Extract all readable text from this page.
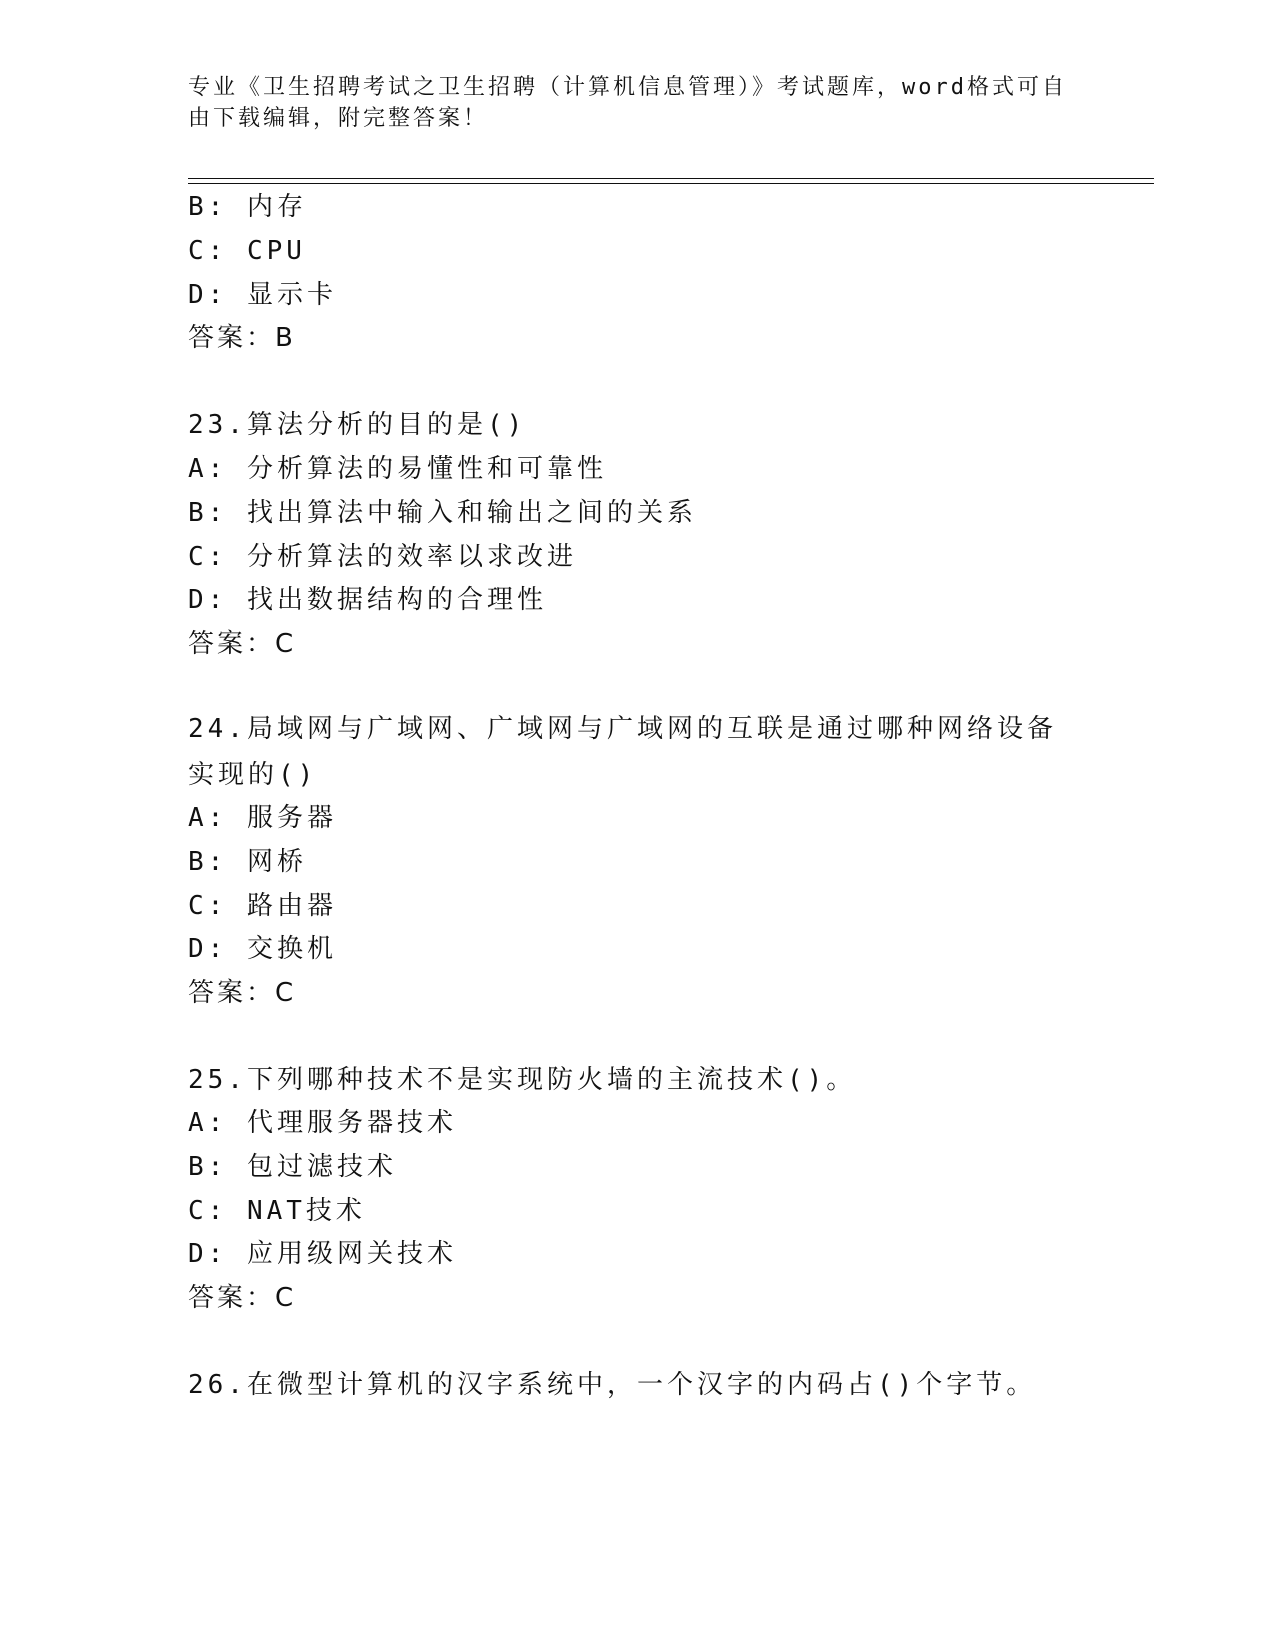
专业《卫生招聘考试之卫生招聘（计算机信息管理）》考试题库，word格式可自由下载编辑，附完整答案！
B: 内存
C: CPU
D: 显示卡
答案：B
23.算法分析的目的是()
A: 分析算法的易懂性和可靠性
B: 找出算法中输入和输出之间的关系
C: 分析算法的效率以求改进
D: 找出数据结构的合理性
答案：C
24.局域网与广域网、广域网与广域网的互联是通过哪种网络设备实现的()
A: 服务器
B: 网桥
C: 路由器
D: 交换机
答案：C
25.下列哪种技术不是实现防火墙的主流技术()。
A: 代理服务器技术
B: 包过滤技术
C: NAT技术
D: 应用级网关技术
答案：C
26.在微型计算机的汉字系统中，一个汉字的内码占()个字节。
